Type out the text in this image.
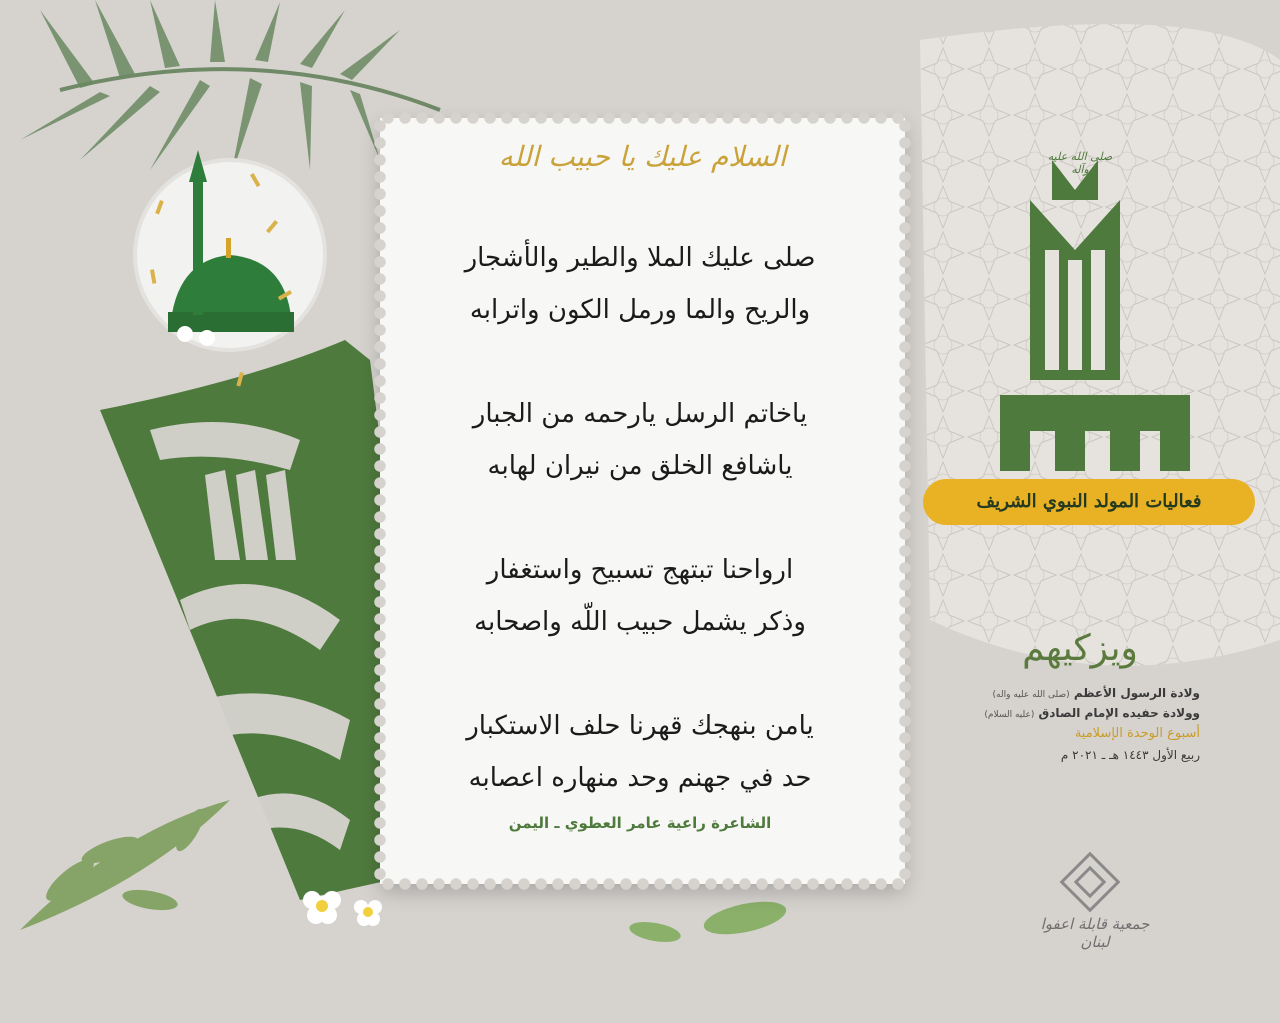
السلام عليك يا حبيب الله
صلى عليك الملا والطير والأشجار
والريح والما ورمل الكون واترابه
ياخاتم الرسل يارحمه من الجبار
ياشافع الخلق من نيران لهابه
ارواحنا تبتهج تسبيح واستغفار
وذكر يشمل حبيب اللّه واصحابه
يامن بنهجك قهرنا حلف الاستكبار
حد في جهنم وحد منهاره اعصابه
الشاعرة راعية عامر العطوي ـ اليمن
صلى الله عليه وآله
فعاليات المولد النبوي الشريف
ويزكيهم
ولادة الرسول الأعظم (صلى الله عليه واله)
وولادة حفيده الإمام الصادق (عليه السلام)
أسبوع الوحدة الإسلامية
ربيع الأول ١٤٤٣ هـ ـ ٢٠٢١ م
جمعية قابلة اعفوا لبنان
